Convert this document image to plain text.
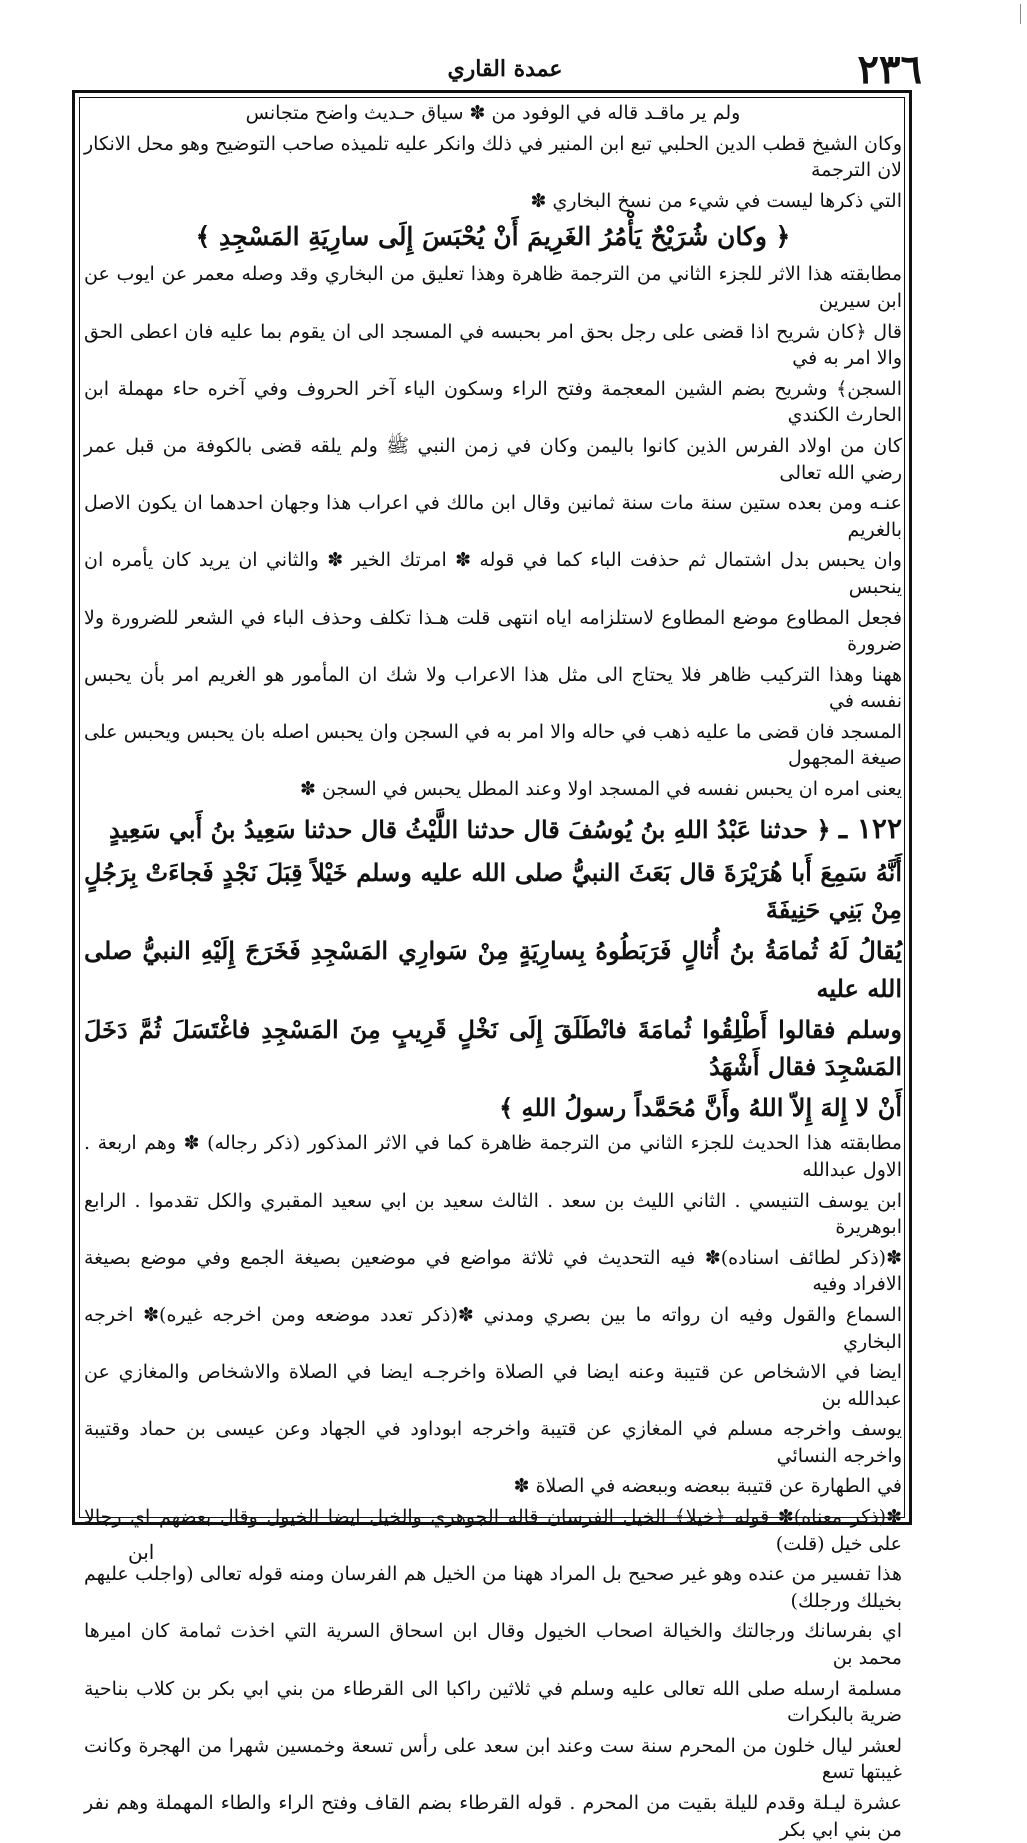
عمدة القاري	٢٣٦

ولم ير ماقـد قاله في الوفود من ✽ سياق حـديث واضح متجانس

وكان الشيخ قطب الدين الحلبي تبع ابن المنير في ذلك وانكر عليه تلميذه صاحب التوضيح وهو محل الانكار لان الترجمة

التي ذكرها ليست في شيء من نسخ البخاري ✽

﴿ وكان شُرَيْحٌ يَأْمُرُ الغَرِيمَ أَنْ يُحْبَسَ إِلَى سارِيَةِ المَسْجِدِ ﴾

مطابقته هذا الاثر للجزء الثاني من الترجمة ظاهرة وهذا تعليق من البخاري وقد وصله معمر عن ايوب عن ابن سيرين

قال ﴿كان شريح اذا قضى على رجل بحق امر بحبسه في المسجد الى ان يقوم بما عليه فان اعطى الحق والا امر به في

السجن﴾ وشريح بضم الشين المعجمة وفتح الراء وسكون الياء آخر الحروف وفي آخره حاء مهملة ابن الحارث الكندي

كان من اولاد الفرس الذين كانوا باليمن وكان في زمن النبي ﷺ ولم يلقه قضى بالكوفة من قبل عمر رضي الله تعالى

عنـه ومن بعده ستين سنة مات سنة ثمانين وقال ابن مالك في اعراب هذا وجهان احدهما ان يكون الاصل بالغريم

وان يحبس بدل اشتمال ثم حذفت الباء كما في قوله ✽ امرتك الخير ✽ والثاني ان يريد كان يأمره ان ينحبس

فجعل المطاوع موضع المطاوع لاستلزامه اياه انتهى قلت هـذا تكلف وحذف الباء في الشعر للضرورة ولا ضرورة

ههنا وهذا التركيب ظاهر فلا يحتاج الى مثل هذا الاعراب ولا شك ان المأمور هو الغريم امر بأن يحبس نفسه في

المسجد فان قضى ما عليه ذهب في حاله والا امر به في السجن وان يحبس اصله بان يحبس ويحبس على صيغة المجهول

يعنى امره ان يحبس نفسه في المسجد اولا وعند المطل يحبس في السجن ✽

١٢٢ ـ ﴿ حدثنا عَبْدُ اللهِ بنُ يُوسُفَ قال حدثنا اللَّيْثُ قال حدثنا سَعِيدُ بنُ أَبي سَعِيدٍ

أَنَّهُ سَمِعَ أَبا هُرَيْرَةَ قال بَعَثَ النبيُّ صلى الله عليه وسلم خَيْلاً قِبَلَ نَجْدٍ فَجاءَتْ بِرَجُلٍ مِنْ بَنِي حَنِيفَةَ

يُقالُ لَهُ ثُمامَةُ بنُ أُثالٍ فَرَبَطُوهُ بِسارِيَةٍ مِنْ سَوارِي المَسْجِدِ فَخَرَجَ إِلَيْهِ النبيُّ صلى الله عليه

وسلم فقالوا أَطْلِقُوا ثُمامَةَ فانْطَلَقَ إِلَى نَخْلٍ قَرِيبٍ مِنَ المَسْجِدِ فاغْتَسَلَ ثُمَّ دَخَلَ المَسْجِدَ فقال أَشْهَدُ

أَنْ لا إِلهَ إِلاّ اللهُ وأَنَّ مُحَمَّداً رسولُ اللهِ ﴾

مطابقته هذا الحديث للجزء الثاني من الترجمة ظاهرة كما في الاثر المذكور (ذكر رجاله) ✽ وهم اربعة . الاول عبدالله

ابن يوسف التنيسي . الثاني الليث بن سعد . الثالث سعيد بن ابي سعيد المقبري والكل تقدموا . الرابع ابوهريرة

✽(ذكر لطائف اسناده)✽ فيه التحديث في ثلاثة مواضع في موضعين بصيغة الجمع وفي موضع بصيغة الافراد وفيه

السماع والقول وفيه ان رواته ما بين بصري ومدني ✽(ذكر تعدد موضعه ومن اخرجه غيره)✽ اخرجه البخاري

ايضا في الاشخاص عن قتيبة وعنه ايضا في الصلاة واخرجـه ايضا في الصلاة والاشخاص والمغازي عن عبدالله بن

يوسف واخرجه مسلم في المغازي عن قتيبة واخرجه ابوداود في الجهاد وعن عيسى بن حماد وقتيبة واخرجه النسائي

في الطهارة عن قتيبة ببعضه وببعضه في الصلاة ✽

✽(ذكر معناه)✽ قوله ﴿خيلا﴾ الخيل الفرسان قاله الجوهري والخيل ايضا الخيول وقال بعضهم اي رجالا على خيل (قلت)

هذا تفسير من عنده وهو غير صحيح بل المراد ههنا من الخيل هم الفرسان ومنه قوله تعالى (واجلب عليهم بخيلك ورجلك)

اي بفرسانك ورجالتك والخيالة اصحاب الخيول وقال ابن اسحاق السرية التي اخذت ثمامة كان اميرها محمد بن

مسلمة ارسله صلى الله تعالى عليه وسلم في ثلاثين راكبا الى القرطاء من بني ابي بكر بن كلاب بناحية ضرية بالبكرات

لعشر ليال خلون من المحرم سنة ست وعند ابن سعد على رأس تسعة وخمسين شهرا من الهجرة وكانت غيبتها تسع

عشرة ليـلة وقدم لليلة بقيت من المحرم . قوله القرطاء بضم القاف وفتح الراء والطاء المهملة وهم نفر من بني ابي بكر

ابن
